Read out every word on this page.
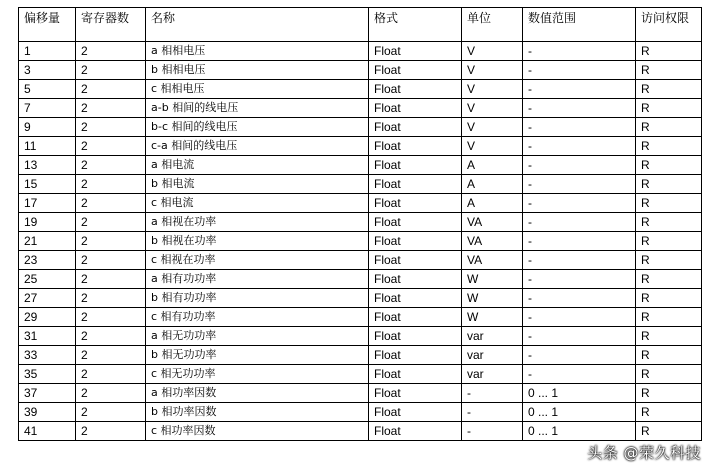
偏移量	寄存器数	名称	格式	单位	数值范围	访问权限
1	2	a 相相电压	Float	V	-	R
3	2	b 相相电压	Float	V	-	R
5	2	c 相相电压	Float	V	-	R
7	2	a-b 相间的线电压	Float	V	-	R
9	2	b-c 相间的线电压	Float	V	-	R
11	2	c-a 相间的线电压	Float	V	-	R
13	2	a 相电流	Float	A	-	R
15	2	b 相电流	Float	A	-	R
17	2	c 相电流	Float	A	-	R
19	2	a 相视在功率	Float	VA	-	R
21	2	b 相视在功率	Float	VA	-	R
23	2	c 相视在功率	Float	VA	-	R
25	2	a 相有功功率	Float	W	-	R
27	2	b 相有功功率	Float	W	-	R
29	2	c 相有功功率	Float	W	-	R
31	2	a 相无功功率	Float	var	-	R
33	2	b 相无功功率	Float	var	-	R
35	2	c 相无功功率	Float	var	-	R
37	2	a 相功率因数	Float	-	0 ... 1	R
39	2	b 相功率因数	Float	-	0 ... 1	R
41	2	c 相功率因数	Float	-	0 ... 1	R
头条 @荣久科技
